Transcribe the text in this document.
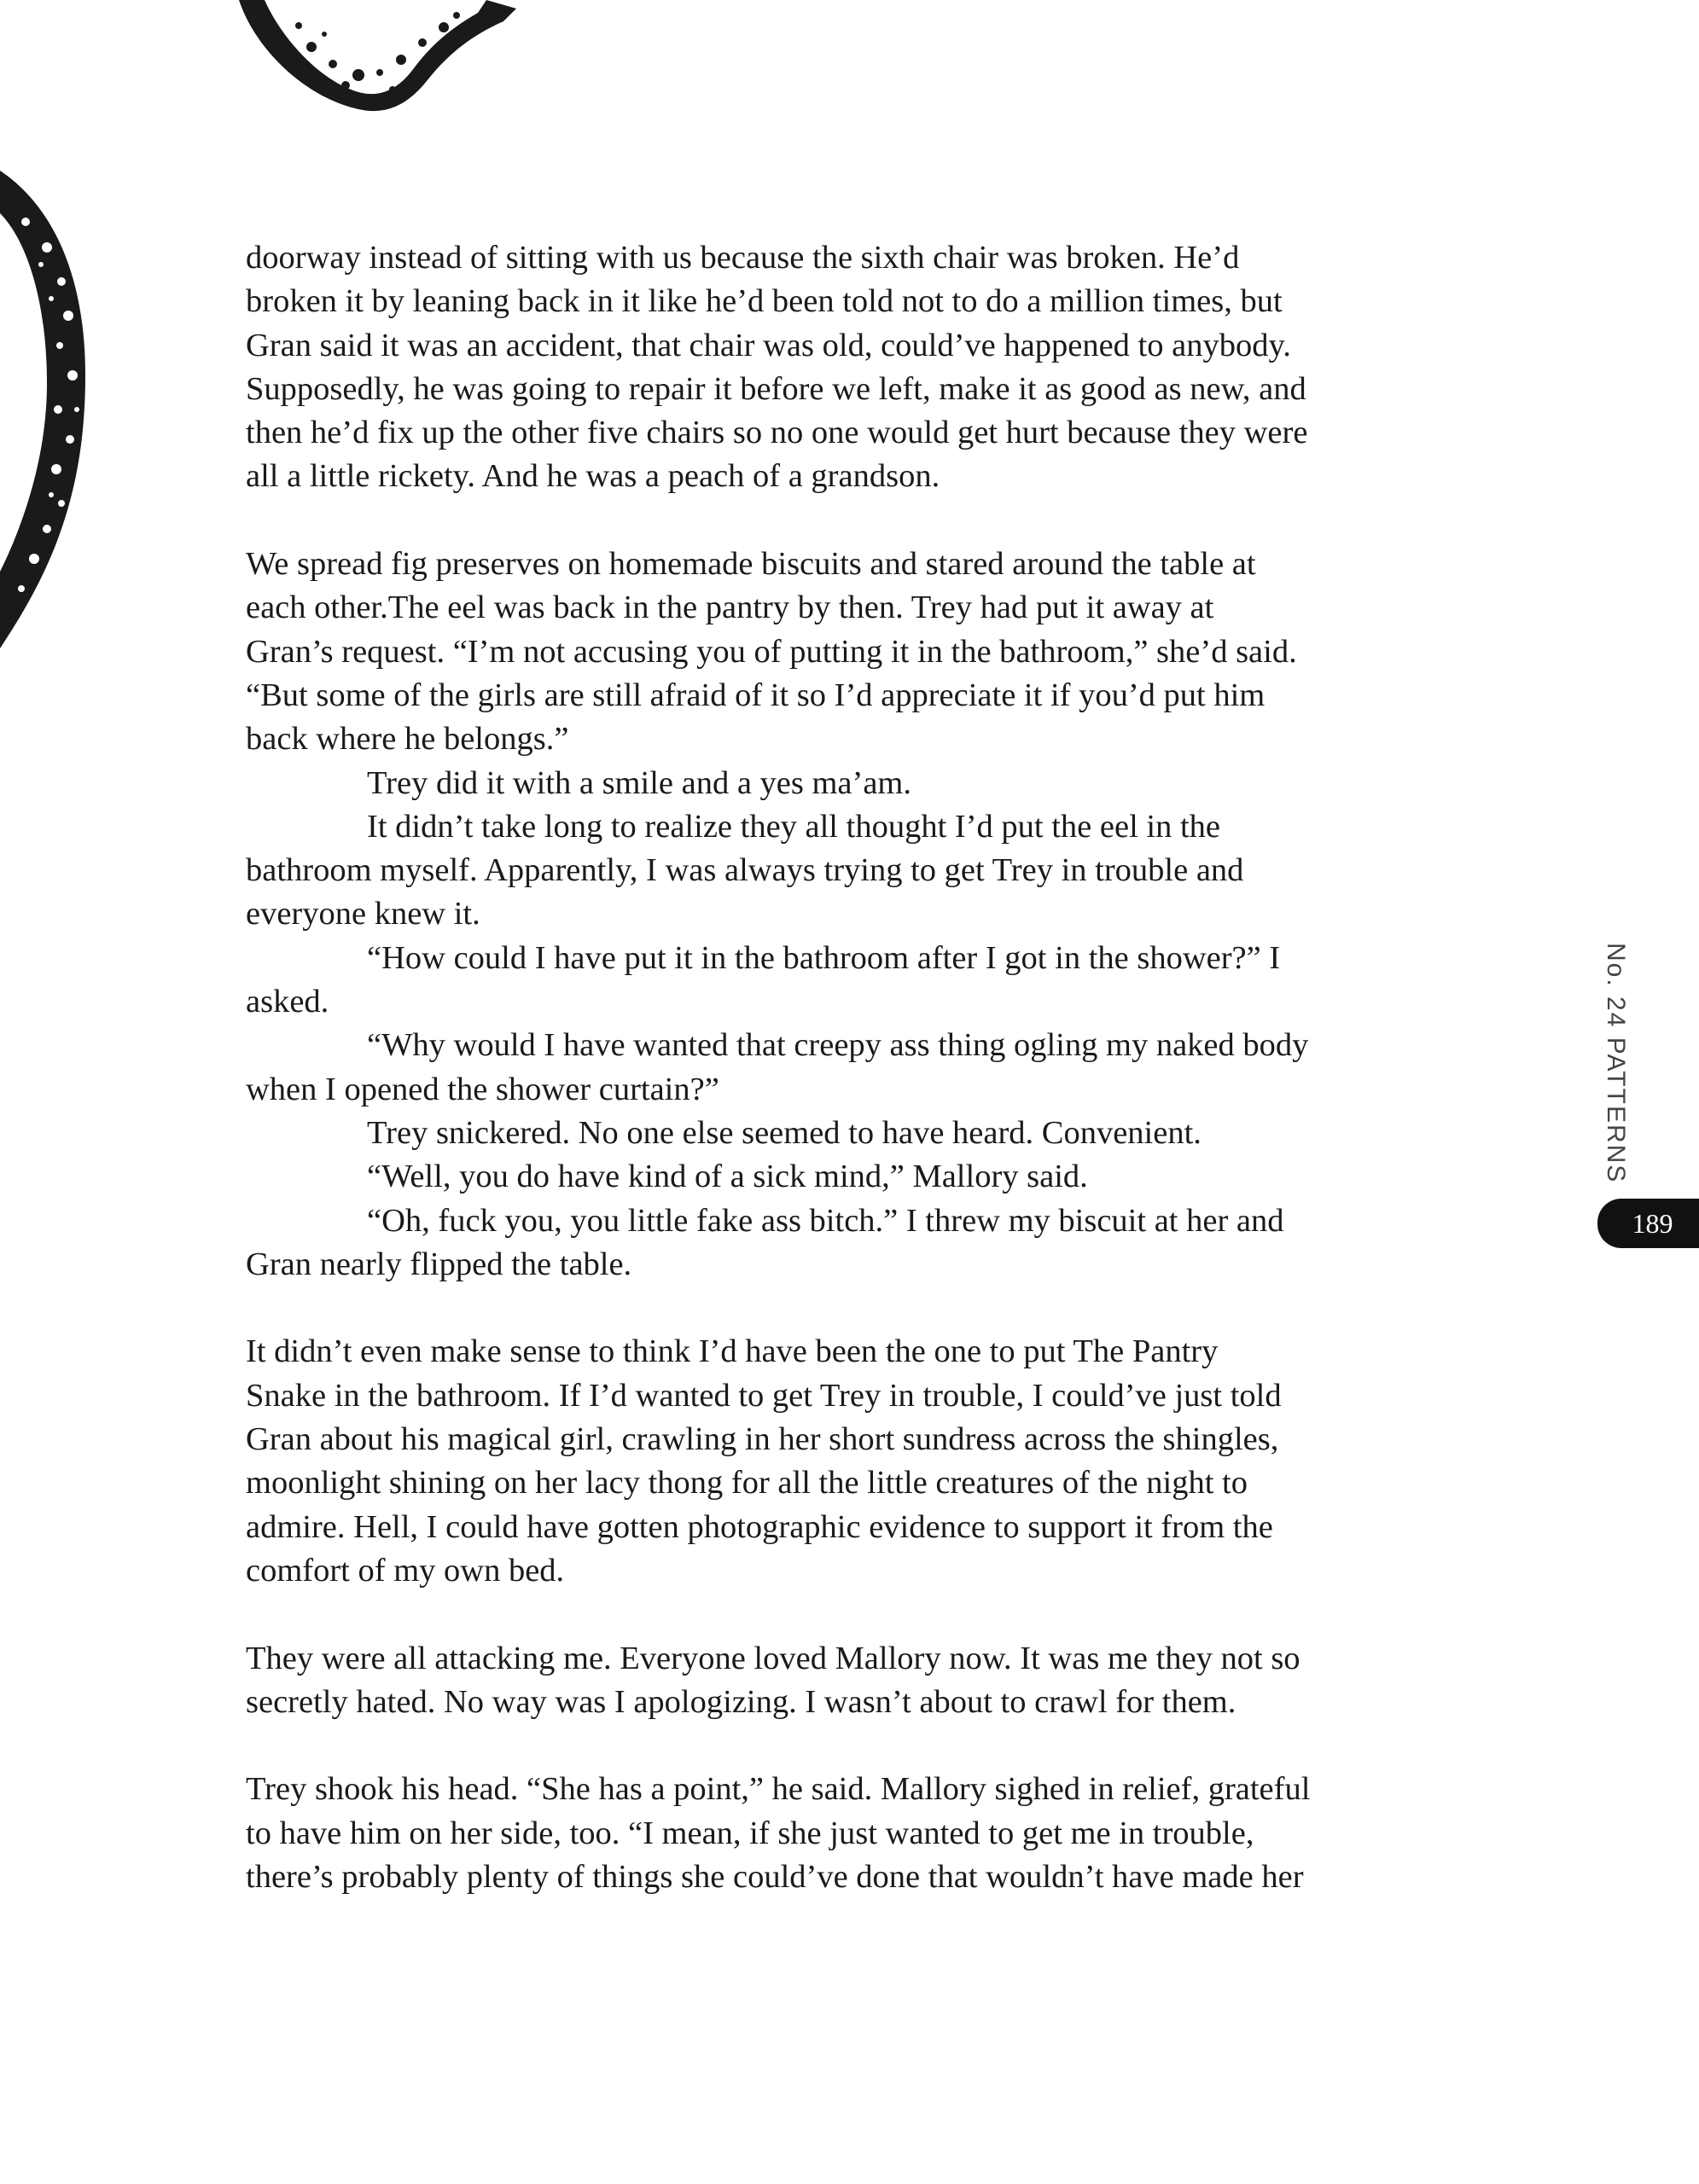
doorway instead of sitting with us because the sixth chair was broken. He’d
broken it by leaning back in it like he’d been told not to do a million times, but
Gran said it was an accident, that chair was old, could’ve happened to anybody.
Supposedly, he was going to repair it before we left, make it as good as new, and
then he’d fix up the other five chairs so no one would get hurt because they were
all a little rickety. And he was a peach of a grandson.
We spread fig preserves on homemade biscuits and stared around the table at
each other.The eel was back in the pantry by then. Trey had put it away at
Gran’s request. “I’m not accusing you of putting it in the bathroom,” she’d said.
“But some of the girls are still afraid of it so I’d appreciate it if you’d put him
back where he belongs.”
Trey did it with a smile and a yes ma’am.
It didn’t take long to realize they all thought I’d put the eel in the
bathroom myself. Apparently, I was always trying to get Trey in trouble and
everyone knew it.
“How could I have put it in the bathroom after I got in the shower?” I
asked.
“Why would I have wanted that creepy ass thing ogling my naked body
when I opened the shower curtain?”
Trey snickered. No one else seemed to have heard. Convenient.
“Well, you do have kind of a sick mind,” Mallory said.
“Oh, fuck you, you little fake ass bitch.” I threw my biscuit at her and
Gran nearly flipped the table.
It didn’t even make sense to think I’d have been the one to put The Pantry
Snake in the bathroom. If I’d wanted to get Trey in trouble, I could’ve just told
Gran about his magical girl, crawling in her short sundress across the shingles,
moonlight shining on her lacy thong for all the little creatures of the night to
admire. Hell, I could have gotten photographic evidence to support it from the
comfort of my own bed.
They were all attacking me. Everyone loved Mallory now. It was me they not so
secretly hated. No way was I apologizing. I wasn’t about to crawl for them.
Trey shook his head. “She has a point,” he said. Mallory sighed in relief, grateful
to have him on her side, too. “I mean, if she just wanted to get me in trouble,
there’s probably plenty of things she could’ve done that wouldn’t have made her
No. 24 PATTERNS
189
